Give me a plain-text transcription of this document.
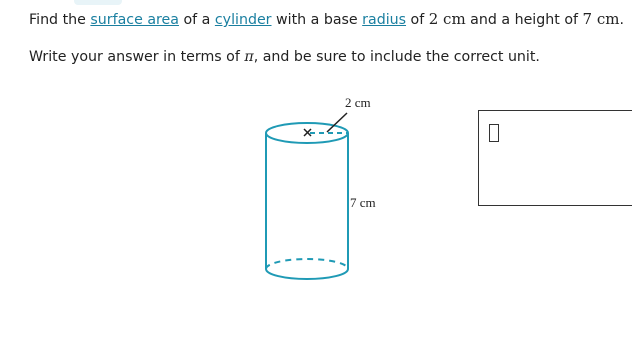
Find the surface area of a cylinder with a base radius of 2 cm and a height of 7 cm.
Write your answer in terms of π, and be sure to include the correct unit.
2 cm
7 cm
